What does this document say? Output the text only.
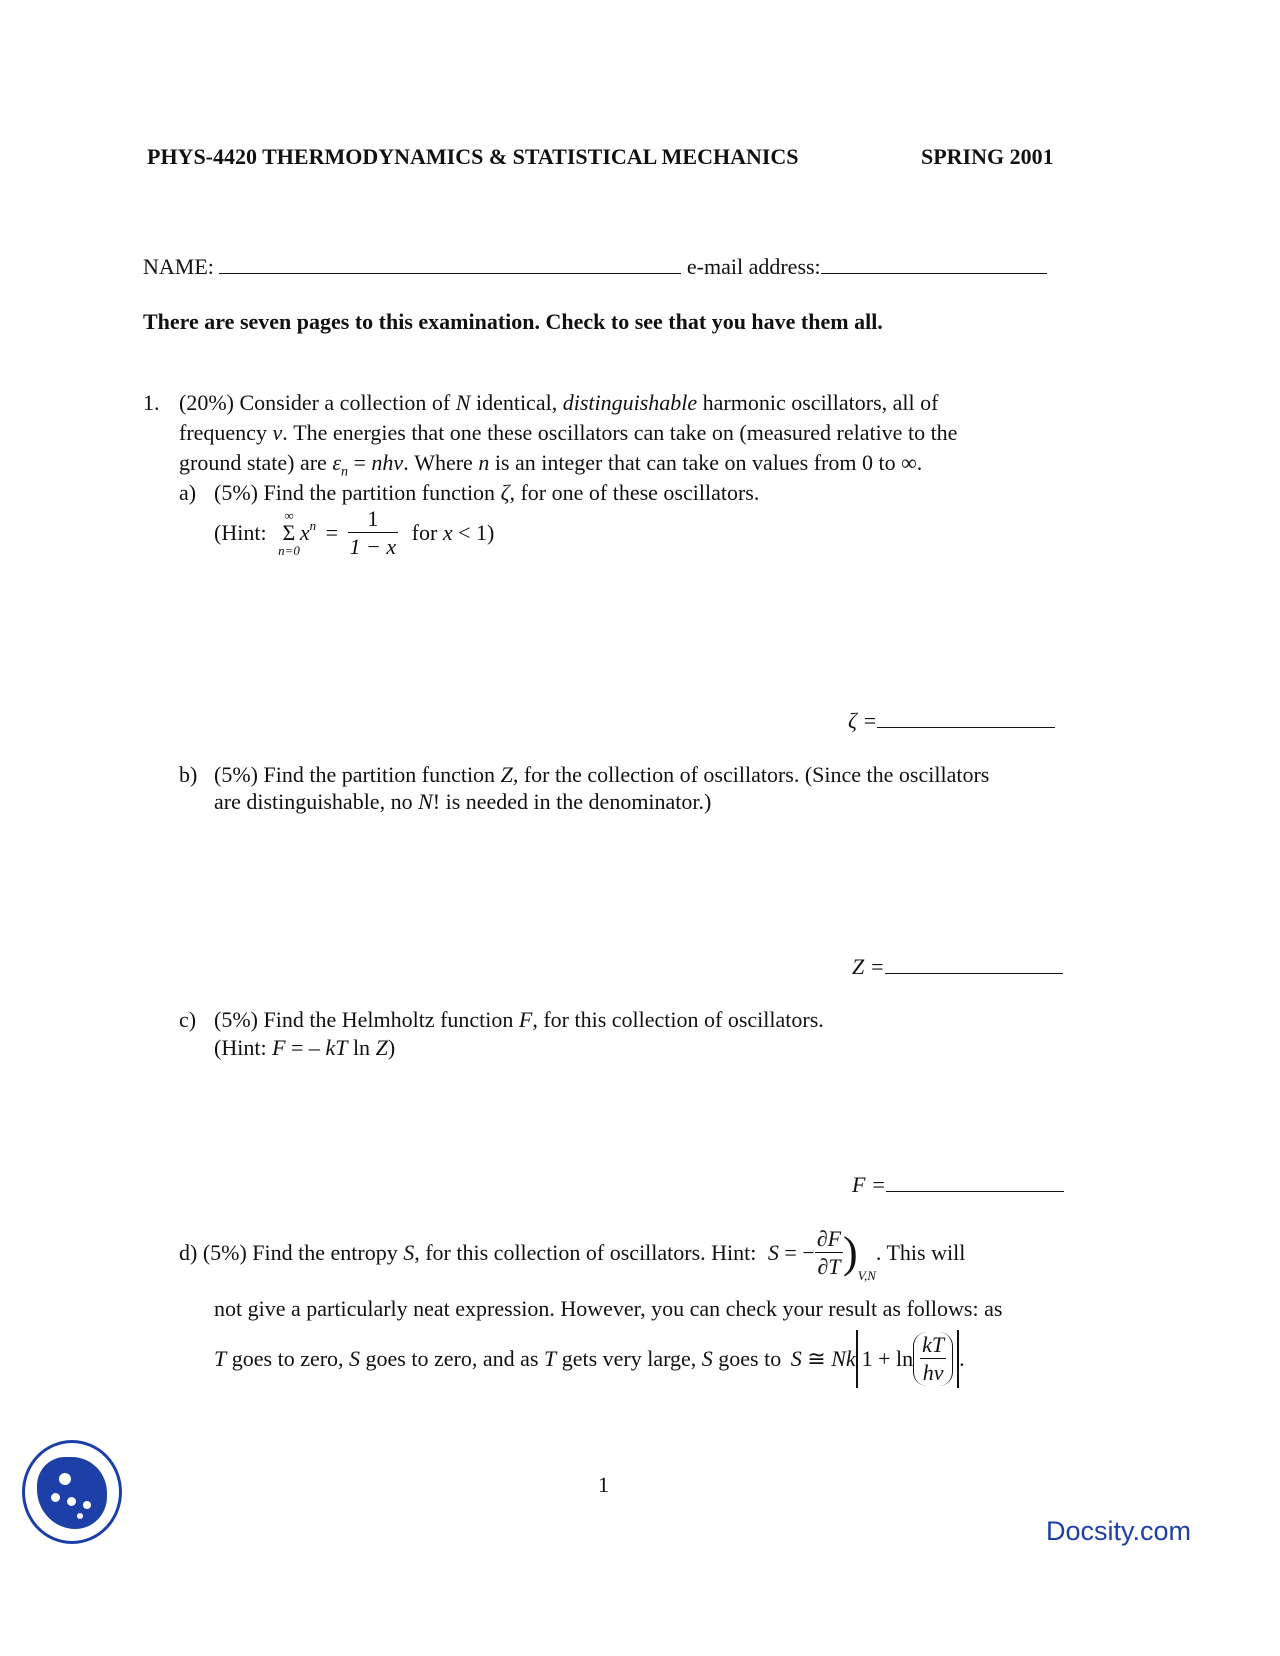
PHYS-4420 THERMODYNAMICS & STATISTICAL MECHANICS	SPRING 2001
NAME:	e-mail address:
There are seven pages to this examination. Check to see that you have them all.
1. (20%) Consider a collection of N identical, distinguishable harmonic oscillators, all of
frequency ν. The energies that one these oscillators can take on (measured relative to the
ground state) are $\varepsilon_n = nh\nu$. Where n is an integer that can take on values from 0 to ∞.
a) (5%) Find the partition function ζ, for one of these oscillators.
(Hint:
∞
Σ
n=0
$x^n = \frac{1}{1 - x}$ for x < 1)
ζ =
b) (5%) Find the partition function Z, for the collection of oscillators. (Since the oscillators
are distinguishable, no N! is needed in the denominator.)
Z =
c) (5%) Find the Helmholtz function F, for this collection of oscillators.
(Hint: F = – kT ln Z)
F =
d) (5%) Find the entropy S, for this collection of oscillators. Hint: S = − $\frac{\partial F}{\partial T} )_{V,N}$. This will
not give a particularly neat expression. However, you can check your result as follows: as
T goes to zero, S goes to zero, and as T gets very large, S goes to S ≅ Nk $1 + \ln \frac{kT}{h\nu}$ .
1
Docsity.com
